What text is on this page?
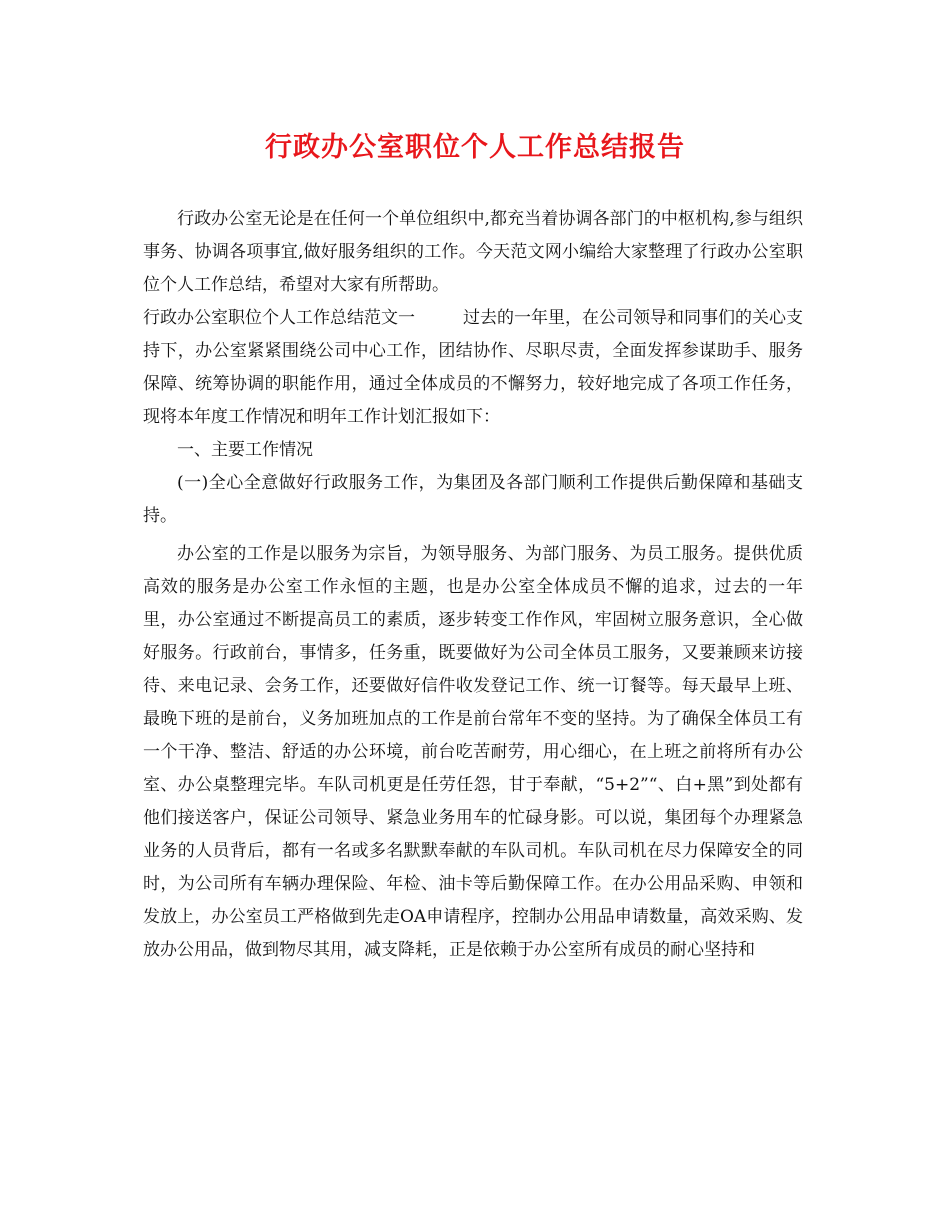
行政办公室职位个人工作总结报告

行政办公室无论是在任何一个单位组织中,都充当着协调各部门的中枢机构,参与组织事务、协调各项事宜,做好服务组织的工作。今天范文网小编给大家整理了行政办公室职位个人工作总结，希望对大家有所帮助。

行政办公室职位个人工作总结范文一	过去的一年里，在公司领导和同事们的关心支持下，办公室紧紧围绕公司中心工作，团结协作、尽职尽责，全面发挥参谋助手、服务保障、统筹协调的职能作用，通过全体成员的不懈努力，较好地完成了各项工作任务，现将本年度工作情况和明年工作计划汇报如下：

一、主要工作情况

(一)全心全意做好行政服务工作，为集团及各部门顺利工作提供后勤保障和基础支持。

办公室的工作是以服务为宗旨，为领导服务、为部门服务、为员工服务。提供优质高效的服务是办公室工作永恒的主题，也是办公室全体成员不懈的追求，过去的一年里，办公室通过不断提高员工的素质，逐步转变工作作风，牢固树立服务意识，全心做好服务。行政前台，事情多，任务重，既要做好为公司全体员工服务，又要兼顾来访接待、来电记录、会务工作，还要做好信件收发登记工作、统一订餐等。每天最早上班、最晚下班的是前台，义务加班加点的工作是前台常年不变的坚持。为了确保全体员工有一个干净、整洁、舒适的办公环境，前台吃苦耐劳，用心细心，在上班之前将所有办公室、办公桌整理完毕。车队司机更是任劳任怨，甘于奉献，“5+2”“、白+黑”到处都有他们接送客户，保证公司领导、紧急业务用车的忙碌身影。可以说，集团每个办理紧急业务的人员背后，都有一名或多名默默奉献的车队司机。车队司机在尽力保障安全的同时，为公司所有车辆办理保险、年检、油卡等后勤保障工作。在办公用品采购、申领和发放上，办公室员工严格做到先走OA申请程序，控制办公用品申请数量，高效采购、发放办公用品，做到物尽其用，减支降耗，正是依赖于办公室所有成员的耐心坚持和
